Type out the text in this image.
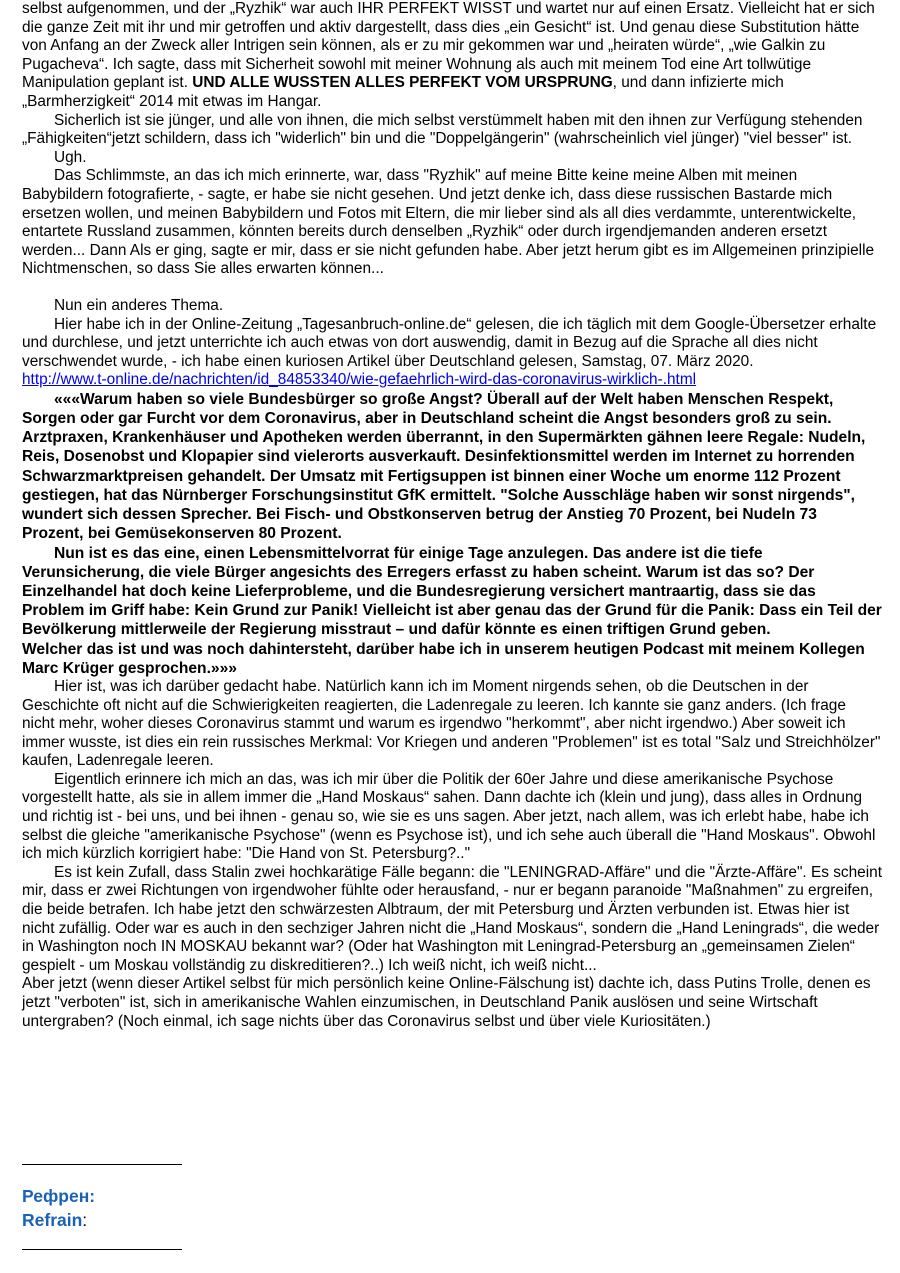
selbst aufgenommen, und der „Ryzhik“ war auch IHR PERFEKT WISST und wartet nur auf einen Ersatz. Vielleicht hat er sich die ganze Zeit mit ihr und mir getroffen und aktiv dargestellt, dass dies „ein Gesicht“ ist. Und genau diese Substitution hätte von Anfang an der Zweck aller Intrigen sein können, als er zu mir gekommen war und „heiraten würde“, „wie Galkin zu Pugacheva“. Ich sagte, dass mit Sicherheit sowohl mit meiner Wohnung als auch mit meinem Tod eine Art tollwütige Manipulation geplant ist. UND ALLE WUSSTEN ALLES PERFEKT VOM URSPRUNG, und dann infizierte mich „Barmherzigkeit“ 2014 mit etwas im Hangar.

Sicherlich ist sie jünger, und alle von ihnen, die mich selbst verstümmelt haben mit den ihnen zur Verfügung stehenden „Fähigkeiten“jetzt schildern, dass ich "widerlich" bin und die "Doppelgängerin" (wahrscheinlich viel jünger) "viel besser" ist.

Ugh.

Das Schlimmste, an das ich mich erinnerte, war, dass "Ryzhik" auf meine Bitte keine meine Alben mit meinen Babybildern fotografierte, - sagte, er habe sie nicht gesehen. Und jetzt denke ich, dass diese russischen Bastarde mich ersetzen wollen, und meinen Babybildern und Fotos mit Eltern, die mir lieber sind als all dies verdammte, unterentwickelte, entartete Russland zusammen, könnten bereits durch denselben „Ryzhik“ oder durch irgendjemanden anderen ersetzt werden... Dann Als er ging, sagte er mir, dass er sie nicht gefunden habe. Aber jetzt herum gibt es im Allgemeinen prinzipielle Nichtmenschen, so dass Sie alles erwarten können...

Nun ein anderes Thema.

Hier habe ich in der Online-Zeitung „Tagesanbruch-online.de“ gelesen, die ich täglich mit dem Google-Übersetzer erhalte und durchlese, und jetzt unterrichte ich auch etwas von dort auswendig, damit in Bezug auf die Sprache all dies nicht verschwendet wurde, - ich habe einen kuriosen Artikel über Deutschland gelesen, Samstag, 07. März 2020.

http://www.t-online.de/nachrichten/id_84853340/wie-gefaehrlich-wird-das-coronavirus-wirklich-.html

«««Warum haben so viele Bundesbürger so große Angst? Überall auf der Welt haben Menschen Respekt, Sorgen oder gar Furcht vor dem Coronavirus, aber in Deutschland scheint die Angst besonders groß zu sein. Arztpraxen, Krankenhäuser und Apotheken werden überrannt, in den Supermärkten gähnen leere Regale: Nudeln, Reis, Dosenobst und Klopapier sind vielerorts ausverkauft. Desinfektionsmittel werden im Internet zu horrenden Schwarzmarktpreisen gehandelt. Der Umsatz mit Fertigsuppen ist binnen einer Woche um enorme 112 Prozent gestiegen, hat das Nürnberger Forschungsinstitut GfK ermittelt. "Solche Ausschläge haben wir sonst nirgends", wundert sich dessen Sprecher. Bei Fisch- und Obstkonserven betrug der Anstieg 70 Prozent, bei Nudeln 73 Prozent, bei Gemüsekonserven 80 Prozent.

Nun ist es das eine, einen Lebensmittelvorrat für einige Tage anzulegen. Das andere ist die tiefe Verunsicherung, die viele Bürger angesichts des Erregers erfasst zu haben scheint. Warum ist das so? Der Einzelhandel hat doch keine Lieferprobleme, und die Bundesregierung versichert mantraartig, dass sie das Problem im Griff habe: Kein Grund zur Panik! Vielleicht ist aber genau das der Grund für die Panik: Dass ein Teil der Bevölkerung mittlerweile der Regierung misstraut – und dafür könnte es einen triftigen Grund geben.

Welcher das ist und was noch dahintersteht, darüber habe ich in unserem heutigen Podcast mit meinem Kollegen Marc Krüger gesprochen.»»»

Hier ist, was ich darüber gedacht habe. Natürlich kann ich im Moment nirgends sehen, ob die Deutschen in der Geschichte oft nicht auf die Schwierigkeiten reagierten, die Ladenregale zu leeren. Ich kannte sie ganz anders. (Ich frage nicht mehr, woher dieses Coronavirus stammt und warum es irgendwo "herkommt", aber nicht irgendwo.) Aber soweit ich immer wusste, ist dies ein rein russisches Merkmal: Vor Kriegen und anderen "Problemen" ist es total "Salz und Streichhölzer" kaufen, Ladenregale leeren.

Eigentlich erinnere ich mich an das, was ich mir über die Politik der 60er Jahre und diese amerikanische Psychose vorgestellt hatte, als sie in allem immer die „Hand Moskaus“ sahen. Dann dachte ich (klein und jung), dass alles in Ordnung und richtig ist - bei uns, und bei ihnen - genau so, wie sie es uns sagen. Aber jetzt, nach allem, was ich erlebt habe, habe ich selbst die gleiche "amerikanische Psychose" (wenn es Psychose ist), und ich sehe auch überall die "Hand Moskaus". Obwohl ich mich kürzlich korrigiert habe: "Die Hand von St. Petersburg?.."

Es ist kein Zufall, dass Stalin zwei hochkarätige Fälle begann: die "LENINGRAD-Affäre" und die "Ärzte-Affäre". Es scheint mir, dass er zwei Richtungen von irgendwoher fühlte oder herausfand, - nur er begann paranoide "Maßnahmen" zu ergreifen, die beide betrafen. Ich habe jetzt den schwärzesten Albtraum, der mit Petersburg und Ärzten verbunden ist. Etwas hier ist nicht zufällig. Oder war es auch in den sechziger Jahren nicht die „Hand Moskaus“, sondern die „Hand Leningrads“, die weder in Washington noch IN MOSKAU bekannt war? (Oder hat Washington mit Leningrad-Petersburg an „gemeinsamen Zielen“ gespielt - um Moskau vollständig zu diskreditieren?..) Ich weiß nicht, ich weiß nicht...

Aber jetzt (wenn dieser Artikel selbst für mich persönlich keine Online-Fälschung ist) dachte ich, dass Putins Trolle, denen es jetzt "verboten" ist, sich in amerikanische Wahlen einzumischen, in Deutschland Panik auslösen und seine Wirtschaft untergraben? (Noch einmal, ich sage nichts über das Coronavirus selbst und über viele Kuriositäten.)

Рефрен:
Refrain:
